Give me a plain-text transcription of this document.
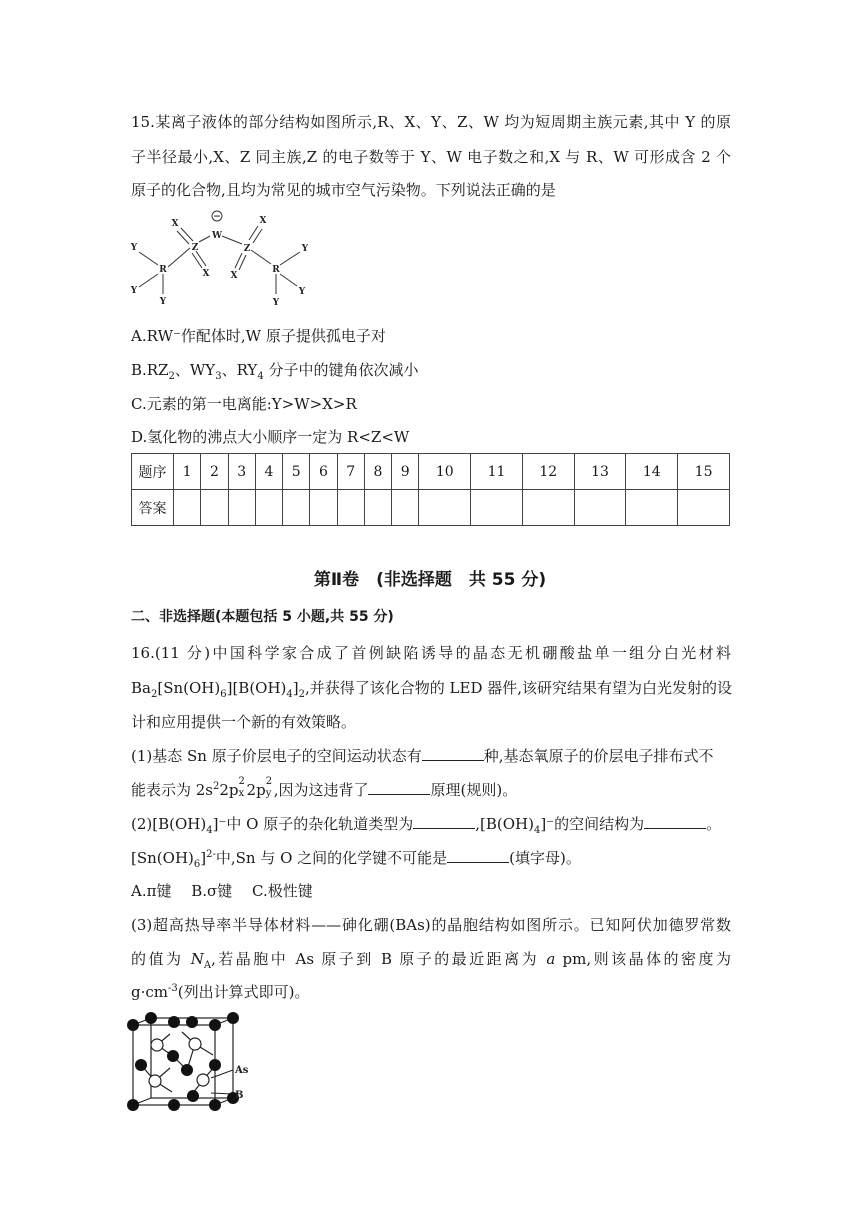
15.某离子液体的部分结构如图所示,R、X、Y、Z、W 均为短周期主族元素,其中 Y 的原
子半径最小,X、Z 同主族,Z 的电子数等于 Y、W 电子数之和,X 与 R、W 可形成含 2 个
原子的化合物,且均为常见的城市空气污染物。下列说法正确的是
−
W
Z	Z
R	R
X
X
X
X
Y
Y
Y
Y
Y
Y
A.RW⁻作配体时,W 原子提供孤电子对
$B.RZ_2$、$WY_3$、$RY_4$ 分子中的键角依次减小
C.元素的第一电离能:Y>W>X>R
D.氢化物的沸点大小顺序一定为 R<Z<W
题序	1	2	3	4	5	6	7	8	9	10	11	12	13	14	15
答案															
第Ⅱ卷　(非选择题　共 55 分)
二、非选择题(本题包括 5 小题,共 55 分)
16.(11 分)中国科学家合成了首例缺陷诱导的晶态无机硼酸盐单一组分白光材料
$Ba_2[Sn(OH)_6][B(OH)_4]_2$,并获得了该化合物的 LED 器件,该研究结果有望为白光发射的设
计和应用提供一个新的有效策略。
(1)基态 Sn 原子价层电子的空间运动状态有	种,基态氧原子的价层电子排布式不
能表示为 $2s^22p$ 2
x 2p 2
y ,因为这违背了	原理(规则)。
$(2)[B(OH)_4]^-$中 O 原子的杂化轨道类型为	$,[B(OH)_4]^-$的空间结构为	。
$[Sn(OH)_6]^{2-}$中,Sn 与 O 之间的化学键不可能是	(填字母)。
A.π键　 B.σ键　 C.极性键
(3)超高热导率半导体材料——砷化硼(BAs)的晶胞结构如图所示。已知阿伏加德罗常数
的值为 $N_A$,若晶胞中 As 原子到 B 原子的最近距离为 a pm,则该晶体的密度为
$g\cdot cm^{-3}$(列出计算式即可)。
As
B
